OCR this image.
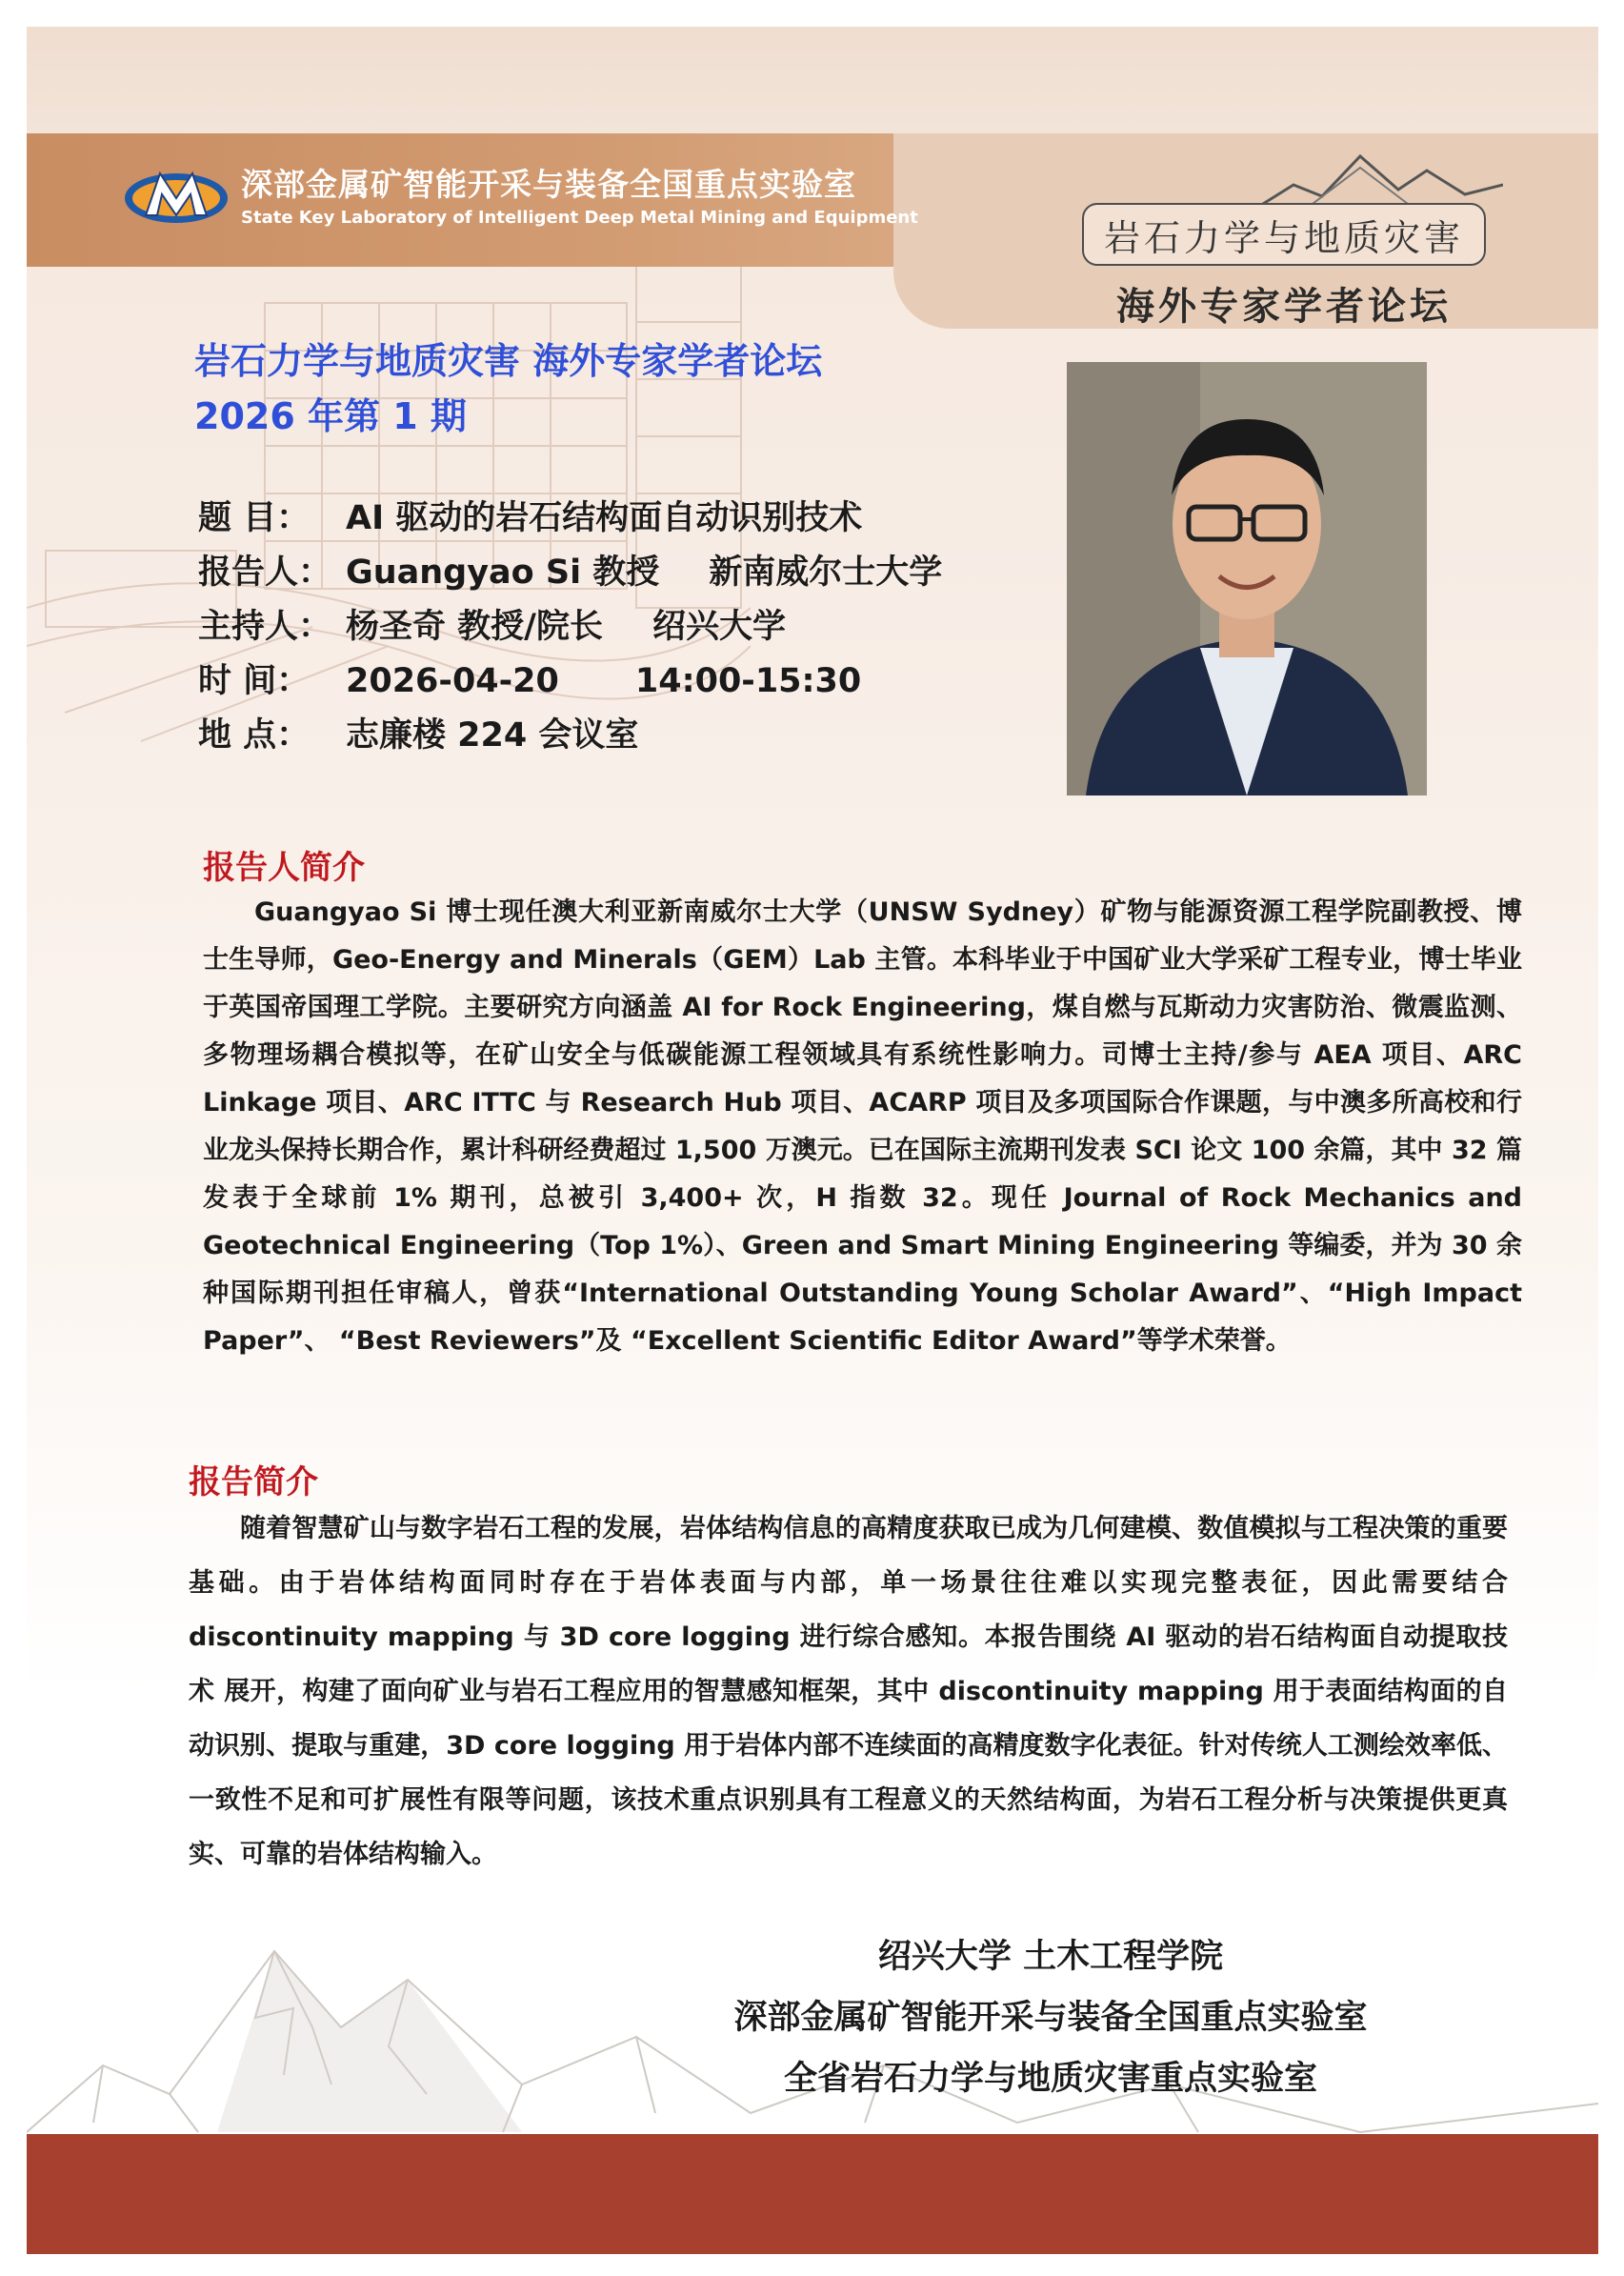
深部金属矿智能开采与装备全国重点实验室
State Key Laboratory of Intelligent Deep Metal Mining and Equipment	岩石力学与地质灾害
海外专家学者论坛
岩石力学与地质灾害 海外专家学者论坛
2026 年第 1 期
题 目： AI 驱动的岩石结构面自动识别技术
报告人： Guangyao Si 教授 新南威尔士大学
主持人： 杨圣奇 教授/院长 绍兴大学
时 间： 2026-04-20 14:00-15:30
地 点： 志廉楼 224 会议室
报告人简介
Guangyao Si 博士现任澳大利亚新南威尔士大学（UNSW Sydney）矿物与能源资源工程学院副教授、博士生导师，Geo-Energy and Minerals（GEM）Lab 主管。本科毕业于中国矿业大学采矿工程专业，博士毕业于英国帝国理工学院。主要研究方向涵盖 AI for Rock Engineering，煤自燃与瓦斯动力灾害防治、微震监测、多物理场耦合模拟等，在矿山安全与低碳能源工程领域具有系统性影响力。司博士主持/参与 AEA 项目、ARC Linkage 项目、ARC ITTC 与 Research Hub 项目、ACARP 项目及多项国际合作课题，与中澳多所高校和行业龙头保持长期合作，累计科研经费超过 1,500 万澳元。已在国际主流期刊发表 SCI 论文 100 余篇，其中 32 篇发表于全球前 1% 期刊，总被引 3,400+ 次，H 指数 32。现任 Journal of Rock Mechanics and Geotechnical Engineering（Top 1%）、Green and Smart Mining Engineering 等编委，并为 30 余种国际期刊担任审稿人，曾获“International Outstanding Young Scholar Award”、“High Impact Paper”、 “Best Reviewers”及 “Excellent Scientific Editor Award”等学术荣誉。
报告简介
随着智慧矿山与数字岩石工程的发展，岩体结构信息的高精度获取已成为几何建模、数值模拟与工程决策的重要基础。由于岩体结构面同时存在于岩体表面与内部，单一场景往往难以实现完整表征，因此需要结合 discontinuity mapping 与 3D core logging 进行综合感知。本报告围绕 AI 驱动的岩石结构面自动提取技术 展开，构建了面向矿业与岩石工程应用的智慧感知框架，其中 discontinuity mapping 用于表面结构面的自动识别、提取与重建，3D core logging 用于岩体内部不连续面的高精度数字化表征。针对传统人工测绘效率低、一致性不足和可扩展性有限等问题，该技术重点识别具有工程意义的天然结构面，为岩石工程分析与决策提供更真实、可靠的岩体结构输入。
绍兴大学 土木工程学院
深部金属矿智能开采与装备全国重点实验室
全省岩石力学与地质灾害重点实验室
